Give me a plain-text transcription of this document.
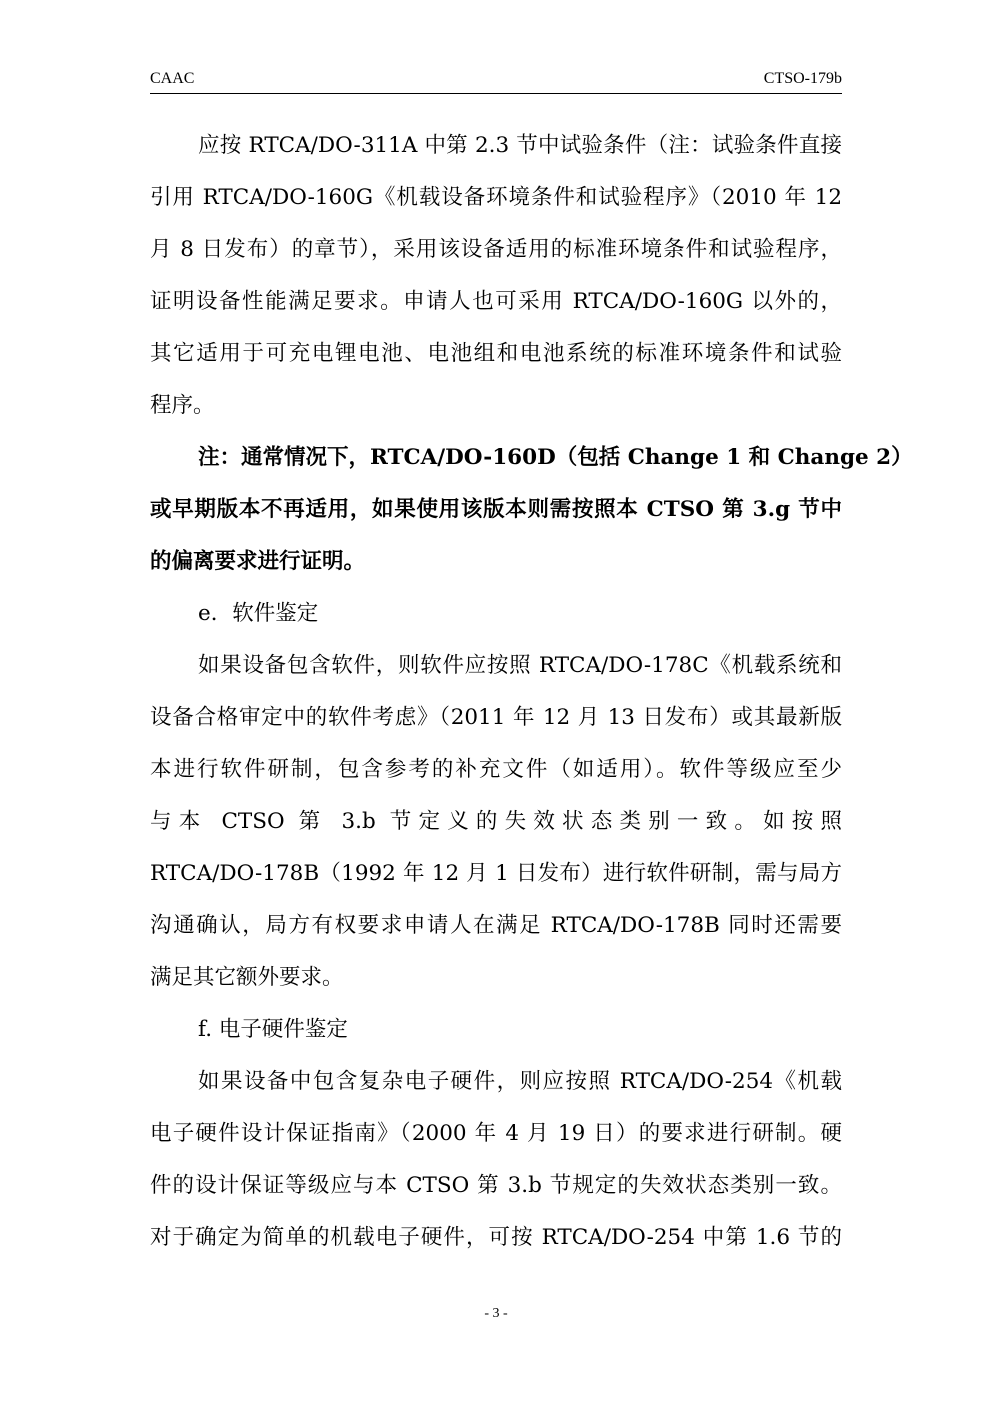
CAAC	CTSO-179b
应按 RTCA/DO-311A 中第 2.3 节中试验条件（注：试验条件直接
引用 RTCA/DO-160G《机载设备环境条件和试验程序》（2010 年 12
月 8 日发布）的章节），采用该设备适用的标准环境条件和试验程序，
证明设备性能满足要求。申请人也可采用 RTCA/DO-160G 以外的，
其它适用于可充电锂电池、电池组和电池系统的标准环境条件和试验
程序。
注：通常情况下，RTCA/DO-160D（包括 Change 1 和 Change 2）
或早期版本不再适用，如果使用该版本则需按照本 CTSO 第 3.g 节中
的偏离要求进行证明。
e．软件鉴定
如果设备包含软件，则软件应按照 RTCA/DO-178C《机载系统和
设备合格审定中的软件考虑》（2011 年 12 月 13 日发布）或其最新版
本进行软件研制，包含参考的补充文件（如适用）。软件等级应至少
与本 CTSO 第 3.b 节定义的失效状态类别一致。如按照
RTCA/DO-178B（1992 年 12 月 1 日发布）进行软件研制，需与局方
沟通确认，局方有权要求申请人在满足 RTCA/DO-178B 同时还需要
满足其它额外要求。
f. 电子硬件鉴定
如果设备中包含复杂电子硬件，则应按照 RTCA/DO-254《机载
电子硬件设计保证指南》（2000 年 4 月 19 日）的要求进行研制。硬
件的设计保证等级应与本 CTSO 第 3.b 节规定的失效状态类别一致。
对于确定为简单的机载电子硬件，可按 RTCA/DO-254 中第 1.6 节的
- 3 -
